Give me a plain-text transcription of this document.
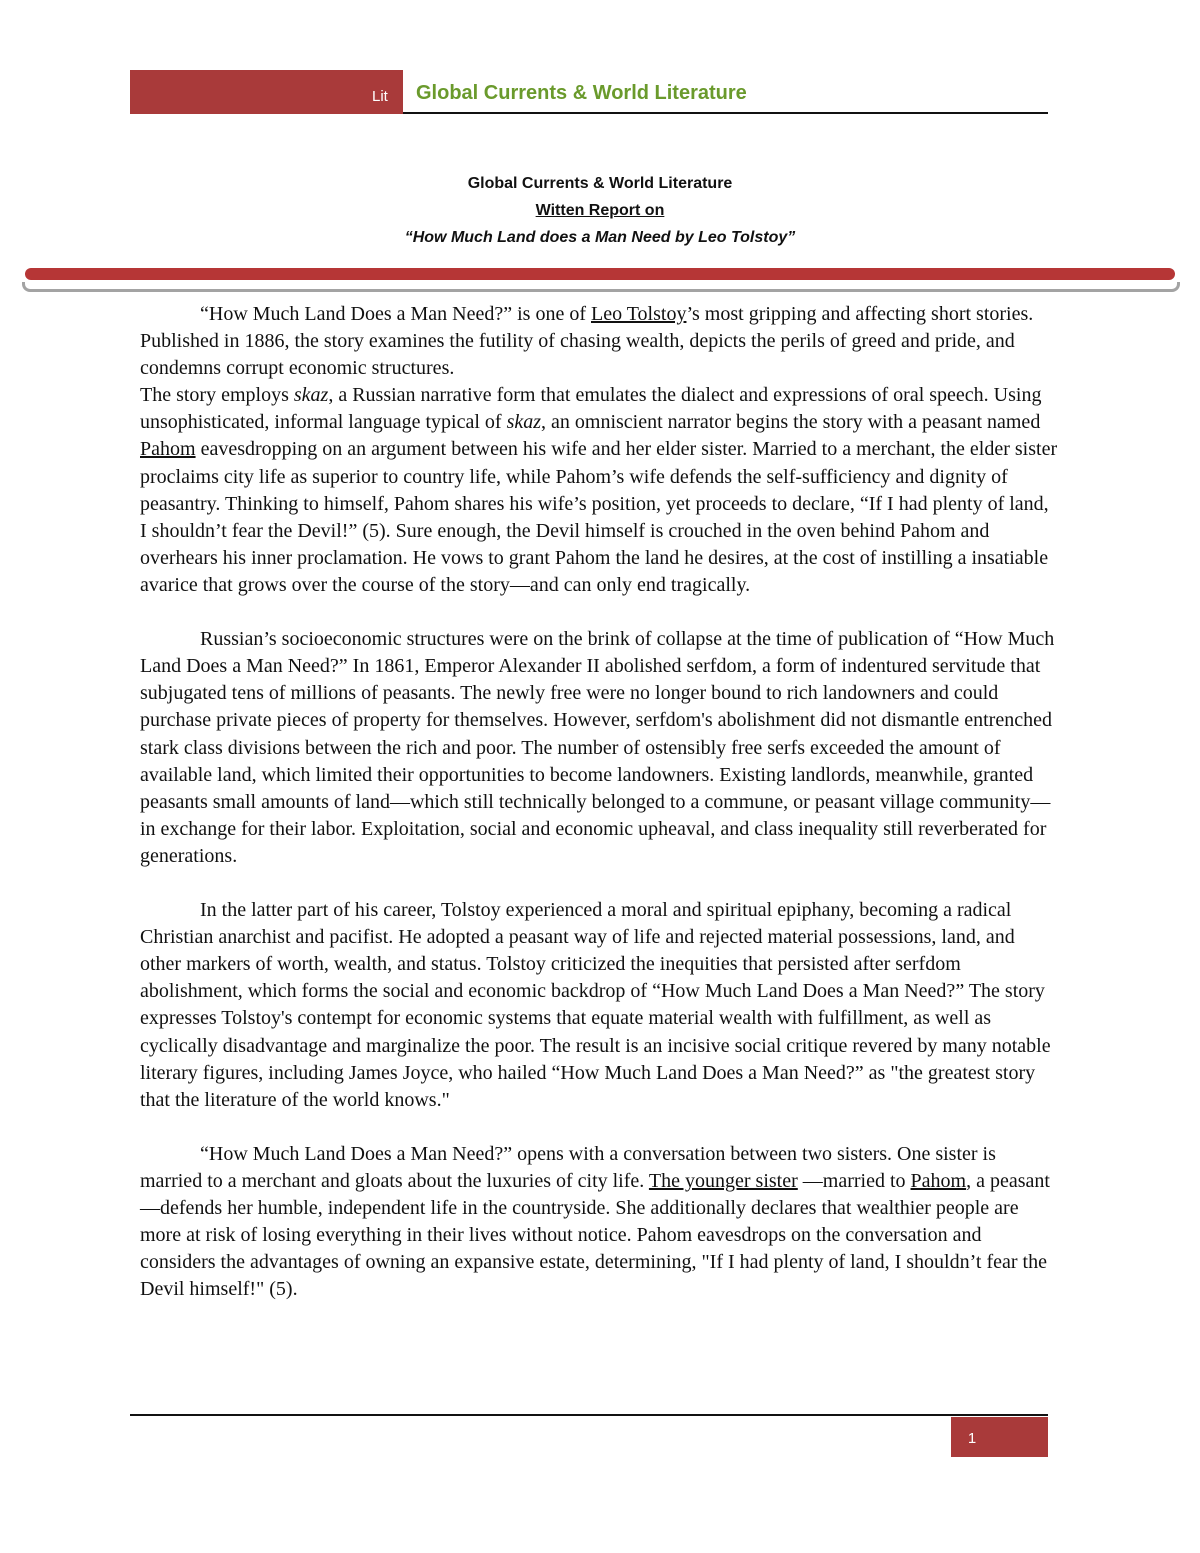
Lit Global Currents & World Literature
Global Currents & World Literature
Witten Report on
“How Much Land does a Man Need by Leo Tolstoy”

“How Much Land Does a Man Need?” is one of Leo Tolstoy’s most gripping and affecting short stories. Published in 1886, the story examines the futility of chasing wealth, depicts the perils of greed and pride, and condemns corrupt economic structures.

The story employs skaz, a Russian narrative form that emulates the dialect and expressions of oral speech. Using unsophisticated, informal language typical of skaz, an omniscient narrator begins the story with a peasant named Pahom eavesdropping on an argument between his wife and her elder sister. Married to a merchant, the elder sister proclaims city life as superior to country life, while Pahom’s wife defends the self-sufficiency and dignity of peasantry. Thinking to himself, Pahom shares his wife’s position, yet proceeds to declare, “If I had plenty of land, I shouldn’t fear the Devil!” (5). Sure enough, the Devil himself is crouched in the oven behind Pahom and overhears his inner proclamation. He vows to grant Pahom the land he desires, at the cost of instilling a insatiable avarice that grows over the course of the story—and can only end tragically.

Russian’s socioeconomic structures were on the brink of collapse at the time of publication of “How Much Land Does a Man Need?” In 1861, Emperor Alexander II abolished serfdom, a form of indentured servitude that subjugated tens of millions of peasants. The newly free were no longer bound to rich landowners and could purchase private pieces of property for themselves. However, serfdom's abolishment did not dismantle entrenched stark class divisions between the rich and poor. The number of ostensibly free serfs exceeded the amount of available land, which limited their opportunities to become landowners. Existing landlords, meanwhile, granted peasants small amounts of land—which still technically belonged to a commune, or peasant village community—in exchange for their labor. Exploitation, social and economic upheaval, and class inequality still reverberated for generations.

In the latter part of his career, Tolstoy experienced a moral and spiritual epiphany, becoming a radical Christian anarchist and pacifist. He adopted a peasant way of life and rejected material possessions, land, and other markers of worth, wealth, and status. Tolstoy criticized the inequities that persisted after serfdom abolishment, which forms the social and economic backdrop of “How Much Land Does a Man Need?” The story expresses Tolstoy's contempt for economic systems that equate material wealth with fulfillment, as well as cyclically disadvantage and marginalize the poor. The result is an incisive social critique revered by many notable literary figures, including James Joyce, who hailed “How Much Land Does a Man Need?” as "the greatest story that the literature of the world knows."

“How Much Land Does a Man Need?” opens with a conversation between two sisters. One sister is married to a merchant and gloats about the luxuries of city life. The younger sister —married to Pahom, a peasant—defends her humble, independent life in the countryside. She additionally declares that wealthier people are more at risk of losing everything in their lives without notice. Pahom eavesdrops on the conversation and considers the advantages of owning an expansive estate, determining, "If I had plenty of land, I shouldn’t fear the Devil himself!" (5).

1
